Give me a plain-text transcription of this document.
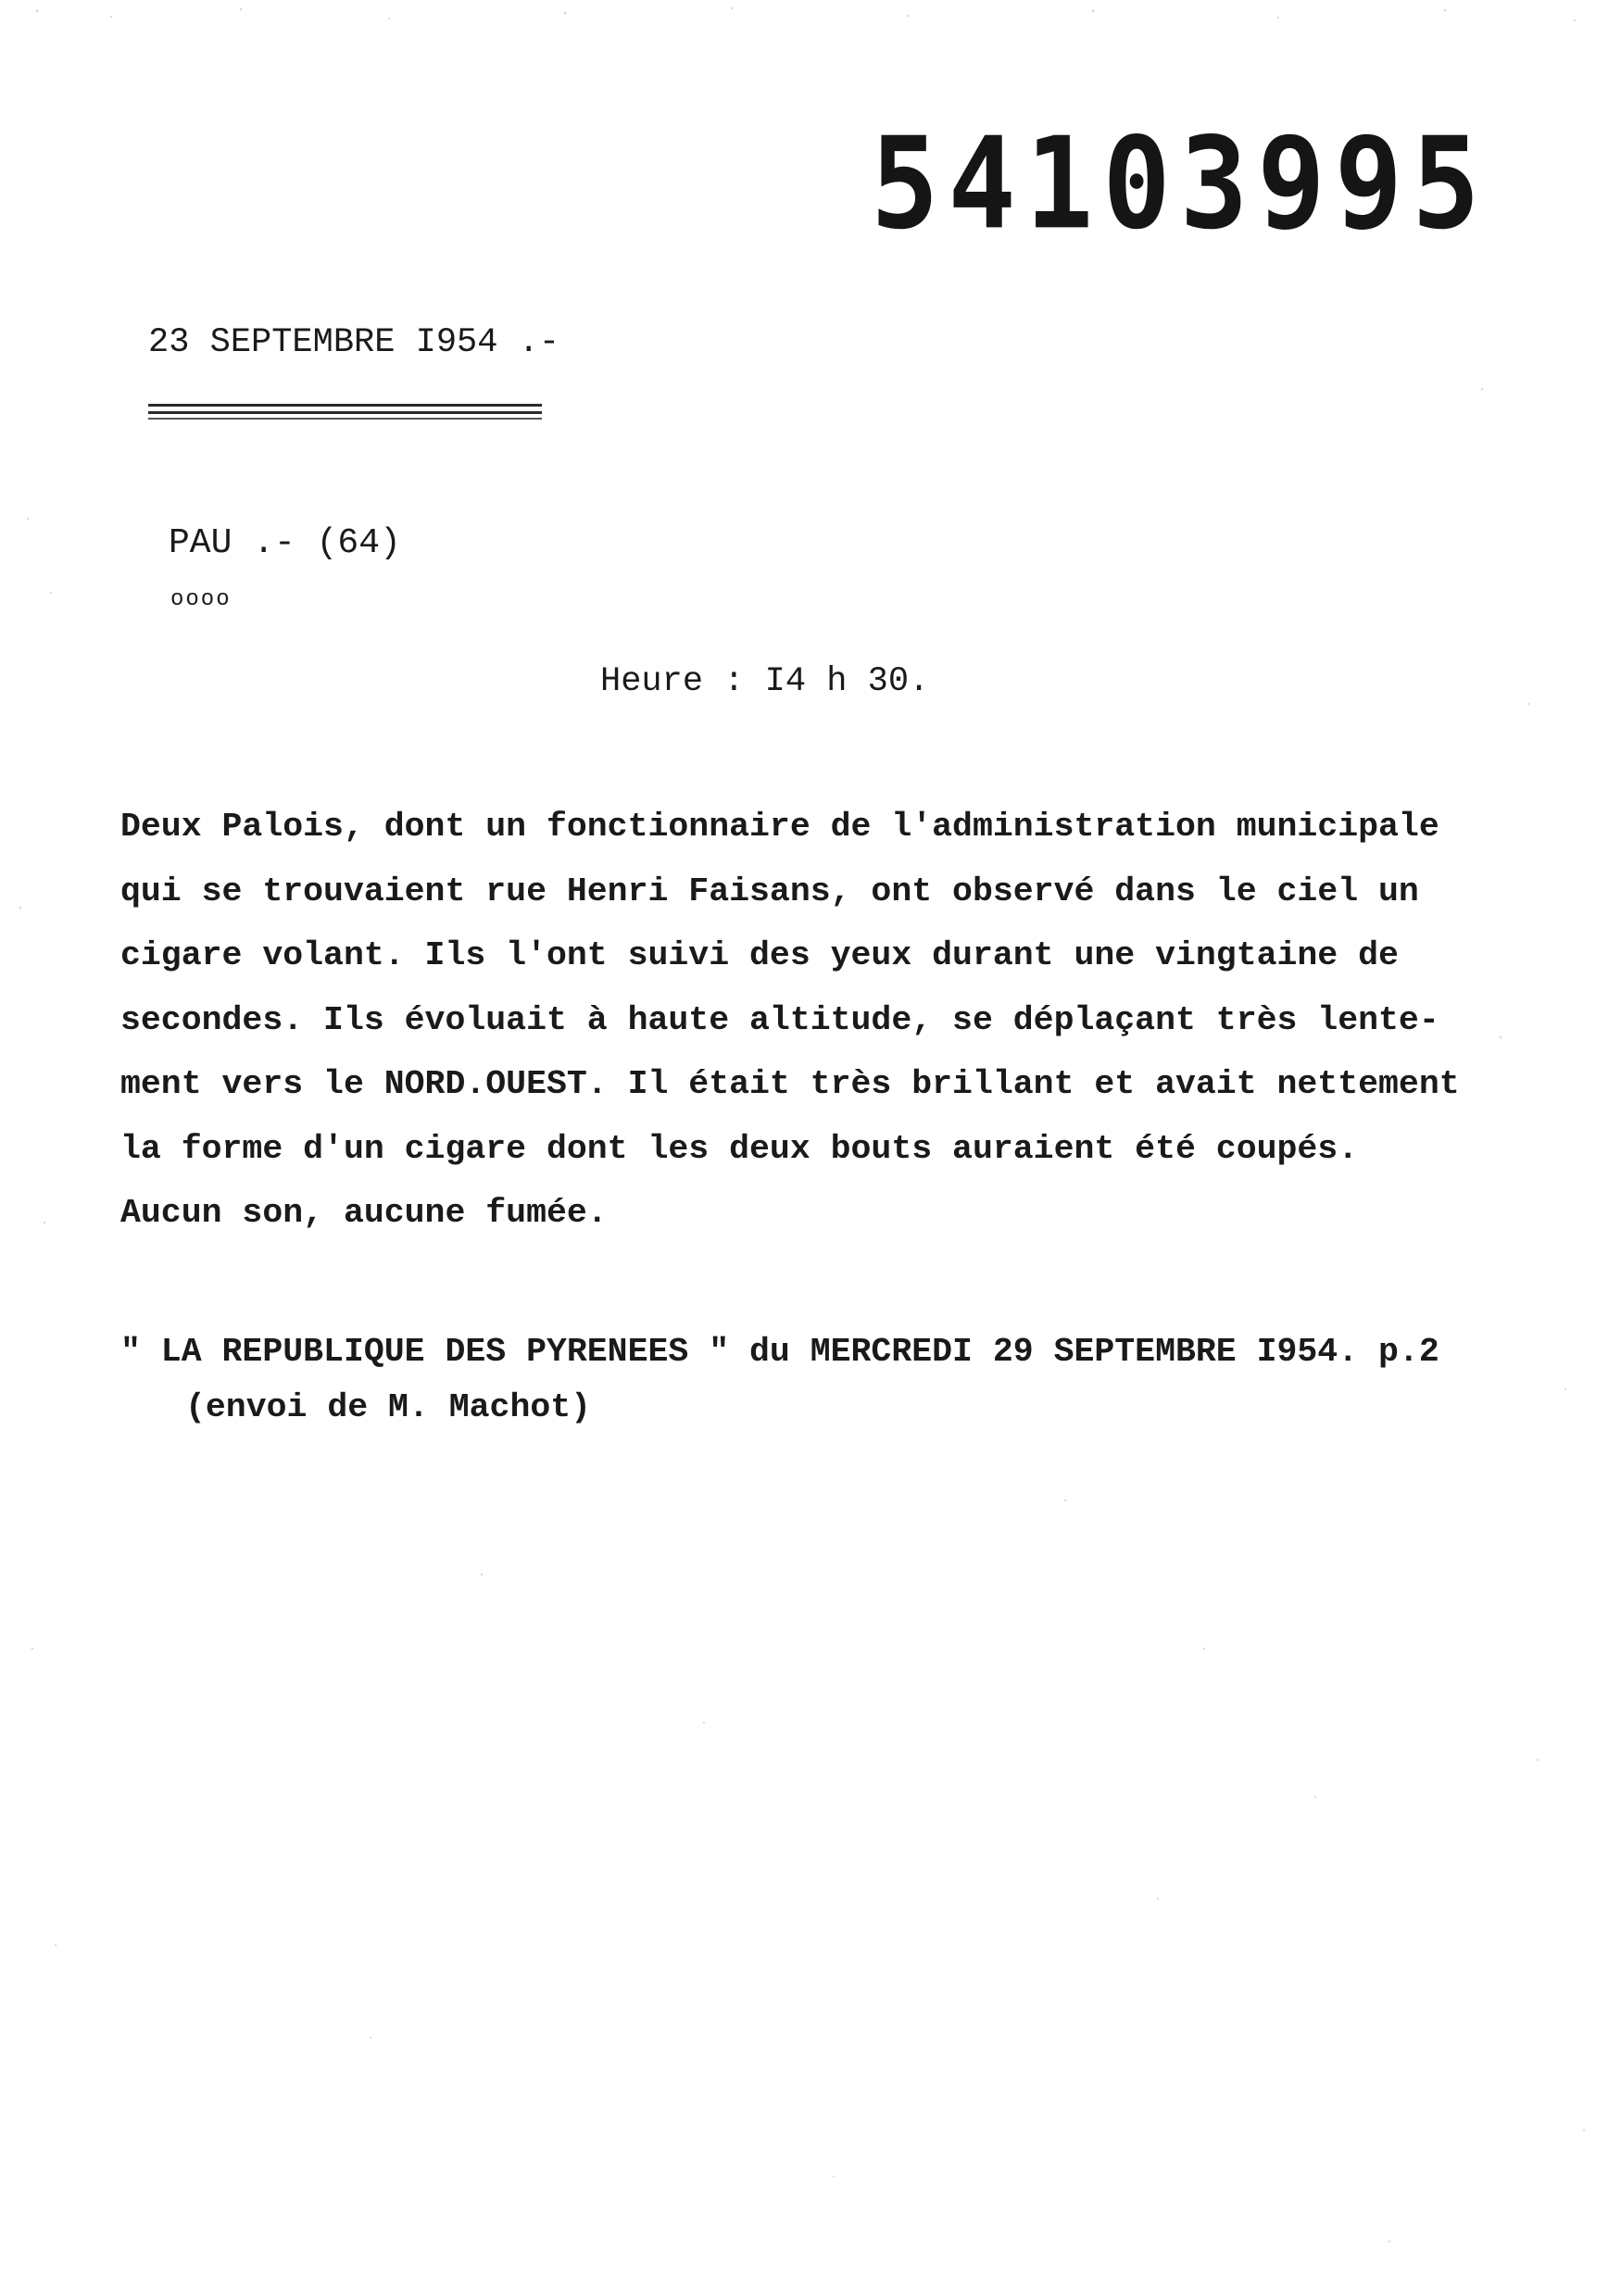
54103995
23 SEPTEMBRE I954 .-
PAU .- (64)
oooo
Heure : I4 h 30.
Deux Palois, dont un fonctionnaire de l'administration municipale
qui se trouvaient rue Henri Faisans, ont observé dans le ciel un
cigare volant. Ils l'ont suivi des yeux durant une vingtaine de
secondes. Ils évoluait à haute altitude, se déplaçant très lente-
ment vers le NORD.OUEST. Il était très brillant et avait nettement
la forme d'un cigare dont les deux bouts auraient été coupés.
Aucun son, aucune fumée.
" LA REPUBLIQUE DES PYRENEES " du MERCREDI 29 SEPTEMBRE I954. p.2
(envoi de M. Machot)
